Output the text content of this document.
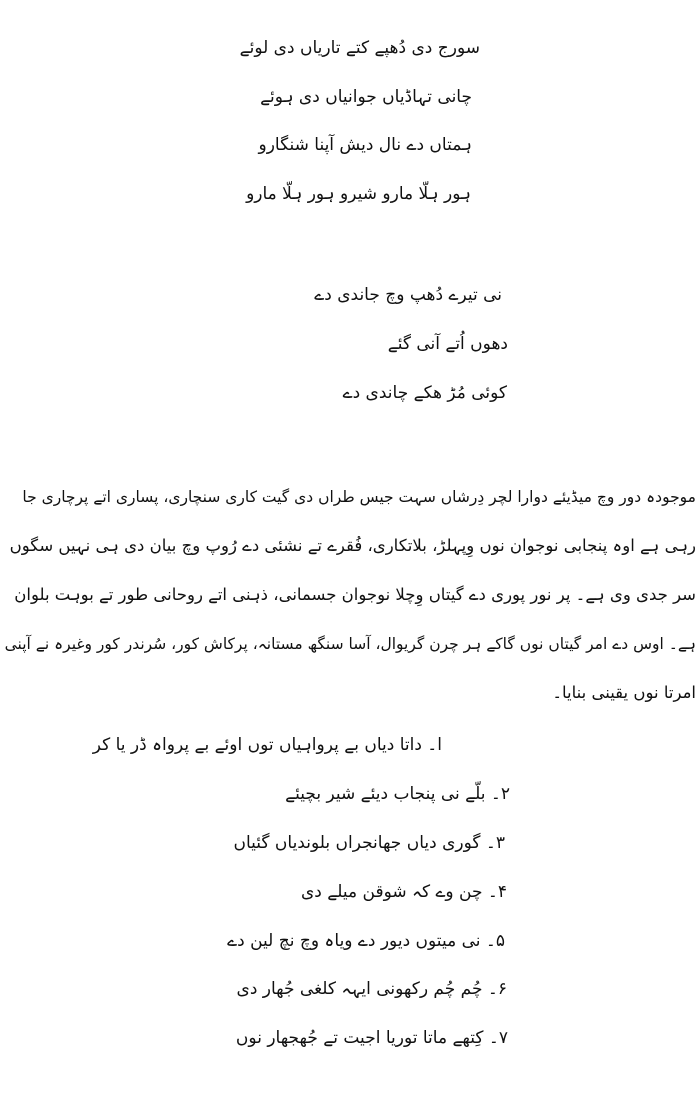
سورج دی دُھپے کتے تاریاں دی لوئے
چانی تہاڈیاں جوانیاں دی ہوئے
ہمتاں دے نال دیش آپنا شنگارو
ہور ہلّا مارو شیرو ہور ہلّا مارو
نی تیرے دُھپ وچ جاندی دے
دھوں اُتے آنی گئے
کوئی مُڑ ھکے چاندی دے
موجودہ دور وچ میڈیئے دوارا لچر دِرشاں سہت جیس طراں دی گیت کاری سنچاری، پساری اتے پرچاری جا
رہی ہے اوہ پنجابی نوجوان نوں وِپہلڑ، بلاتکاری، فُقرے تے نشئی دے رُوپ وچ بیان دی ہی نہیں سگوں
سر جدی وی ہے۔ پر نور پوری دے گیتاں وِچلا نوجوان جسمانی، ذہنی اتے روحانی طور تے بوہت بلوان
ہے۔ اوس دے امر گیتاں نوں گاکے ہر چرن گریوال، آسا سنگھ مستانہ، پرکاش کور، سُرندر کور وغیرہ نے آپنی
امرتا نوں یقینی بنایا۔
ا۔ داتا دیاں بے پرواہیاں توں اوئے بے پرواہ ڈر یا کر
۲۔ بلّے نی پنجاب دیئے شیر بچیئے
۳۔ گوری دیاں جھانجراں بلوندیاں گئیاں
۴۔ چن وے کہ شوقن میلے دی
۵۔ نی میتوں دیور دے ویاہ وچ نچ لین دے
۶۔ چُم چُم رکھونی ایہہ کلغی جُھار دی
۷۔ کِتھے ماتا توریا اجیت تے جُھجھار نوں
